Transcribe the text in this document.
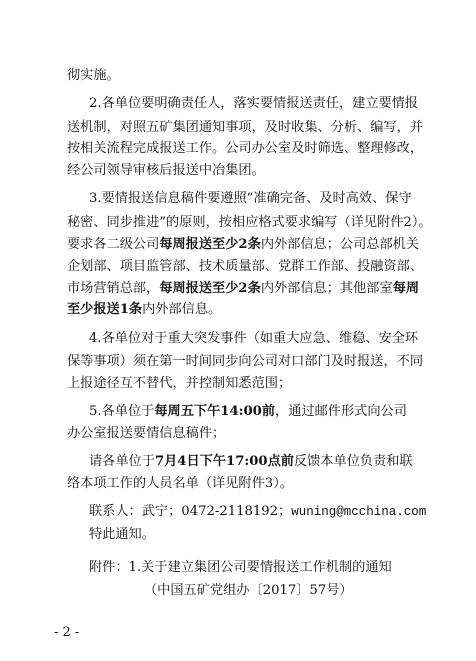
彻实施。
2.各单位要明确责任人，落实要情报送责任，建立要情报
送机制，对照五矿集团通知事项，及时收集、分析、编写，并
按相关流程完成报送工作。公司办公室及时筛选、整理修改，
经公司领导审核后报送中冶集团。
3.要情报送信息稿件要遵照“准确完备、及时高效、保守
秘密、同步推进”的原则，按相应格式要求编写（详见附件2）。
要求各二级公司每周报送至少2条内外部信息；公司总部机关
企划部、项目监管部、技术质量部、党群工作部、投融资部、
市场营销总部，每周报送至少2条内外部信息；其他部室每周
至少报送1条内外部信息。
4.各单位对于重大突发事件（如重大应急、维稳、安全环
保等事项）须在第一时间同步向公司对口部门及时报送，不同
上报途径互不替代，并控制知悉范围；
5.各单位于每周五下午14:00前，通过邮件形式向公司
办公室报送要情信息稿件；
请各单位于7月4日下午17:00点前反馈本单位负责和联
络本项工作的人员名单（详见附件3）。
联系人：武宁；0472-2118192；wuning@mcchina.com
特此通知。
附件：1.关于建立集团公司要情报送工作机制的通知
（中国五矿党组办〔2017〕57号）
- 2 -
